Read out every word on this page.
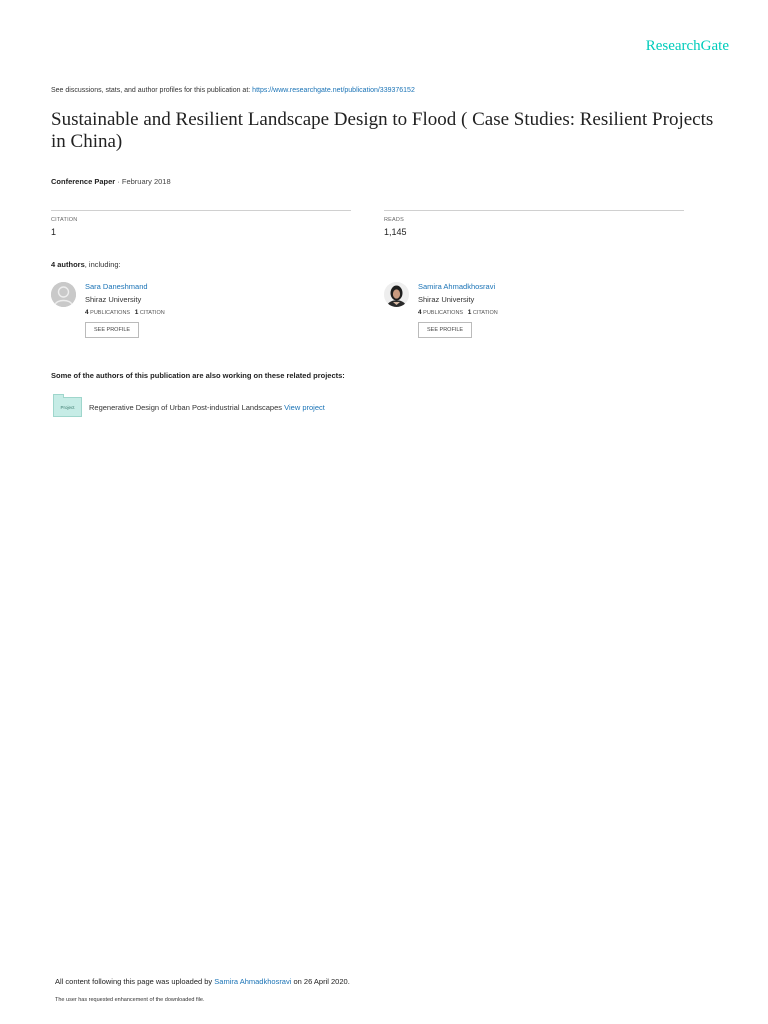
ResearchGate
See discussions, stats, and author profiles for this publication at: https://www.researchgate.net/publication/339376152
Sustainable and Resilient Landscape Design to Flood ( Case Studies: Resilient Projects in China)
Conference Paper · February 2018
CITATION
1
READS
1,145
4 authors, including:
Sara Daneshmand
Shiraz University
4 PUBLICATIONS 1 CITATION
SEE PROFILE
Samira Ahmadkhosravi
Shiraz University
4 PUBLICATIONS 1 CITATION
SEE PROFILE
Some of the authors of this publication are also working on these related projects:
Project	Regenerative Design of Urban Post-industrial Landscapes View project
All content following this page was uploaded by Samira Ahmadkhosravi on 26 April 2020.
The user has requested enhancement of the downloaded file.
